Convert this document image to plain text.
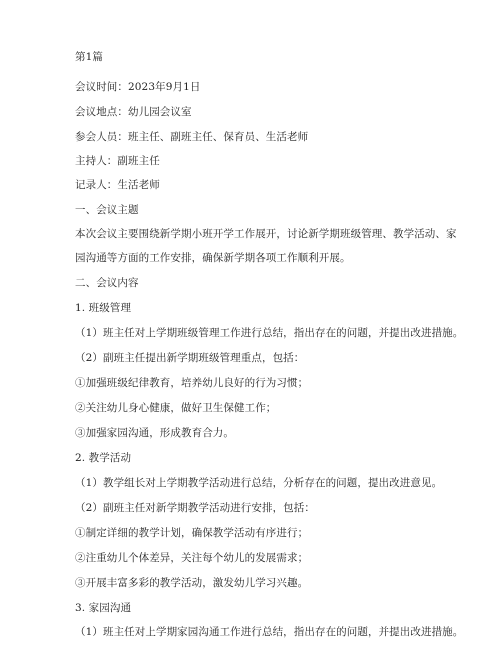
第1篇
会议时间：2023年9月1日
会议地点：幼儿园会议室
参会人员：班主任、副班主任、保育员、生活老师
主持人：副班主任
记录人：生活老师
一、会议主题
本次会议主要围绕新学期小班开学工作展开，讨论新学期班级管理、教学活动、家
园沟通等方面的工作安排，确保新学期各项工作顺利开展。
二、会议内容
1. 班级管理
（1）班主任对上学期班级管理工作进行总结，指出存在的问题，并提出改进措施。
（2）副班主任提出新学期班级管理重点，包括：
①加强班级纪律教育，培养幼儿良好的行为习惯；
②关注幼儿身心健康，做好卫生保健工作；
③加强家园沟通，形成教育合力。
2. 教学活动
（1）教学组长对上学期教学活动进行总结，分析存在的问题，提出改进意见。
（2）副班主任对新学期教学活动进行安排，包括：
①制定详细的教学计划，确保教学活动有序进行；
②注重幼儿个体差异，关注每个幼儿的发展需求；
③开展丰富多彩的教学活动，激发幼儿学习兴趣。
3. 家园沟通
（1）班主任对上学期家园沟通工作进行总结，指出存在的问题，并提出改进措施。
